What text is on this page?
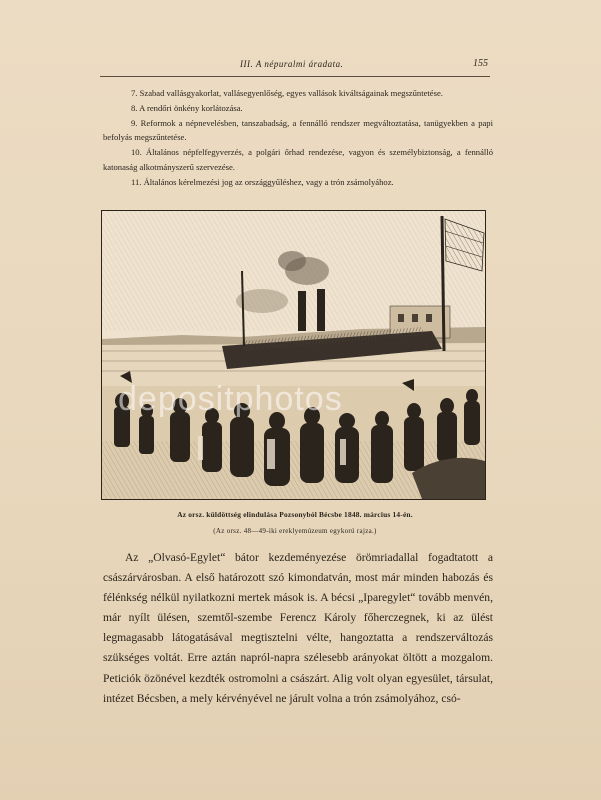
III. A népuralmi áradata.	155

7. Szabad vallásgyakorlat, vallásegyenlőség, egyes vallások kiváltságainak megszűntetése.

8. A rendőri önkény korlátozása.

9. Reformok a népnevelésben, tanszabadság, a fennálló rendszer megváltoztatása, tanügyekben a papi befolyás megszűntetése.

10. Általános népfelfegyverzés, a polgári őrhad rendezése, vagyon és személybiztonság, a fennálló katonaság alkotmányszerű szervezése.

11. Általános kérelmezési jog az országgyűléshez, vagy a trón zsámolyához.

Az orsz. küldöttség elindulása Pozsonyból Bécsbe 1848. március 14-én.
(Az orsz. 48—49-iki ereklyemúzeum egykorú rajza.)

Az „Olvasó-Egylet“ bátor kezdeményezése örömriadallal fogadtatott a császárvárosban. A első határozott szó kimondatván, most már minden habozás és félénkség nélkül nyilatkozni mertek mások is. A bécsi „Iparegylet“ tovább menvén, már nyílt ülésen, szemtől-szembe Ferencz Károly főherczegnek, ki az ülést legmagasabb látogatásával megtisztelni vélte, hangoztatta a rendszerváltozás szükséges voltát. Erre aztán napról-napra szélesebb arányokat öltött a mozgalom. Peticiók özönével kezdték ostromolni a császárt. Alig volt olyan egyesület, társulat, intézet Bécsben, a mely kérvényével ne járult volna a trón zsámolyához, csó-

depositphotos
